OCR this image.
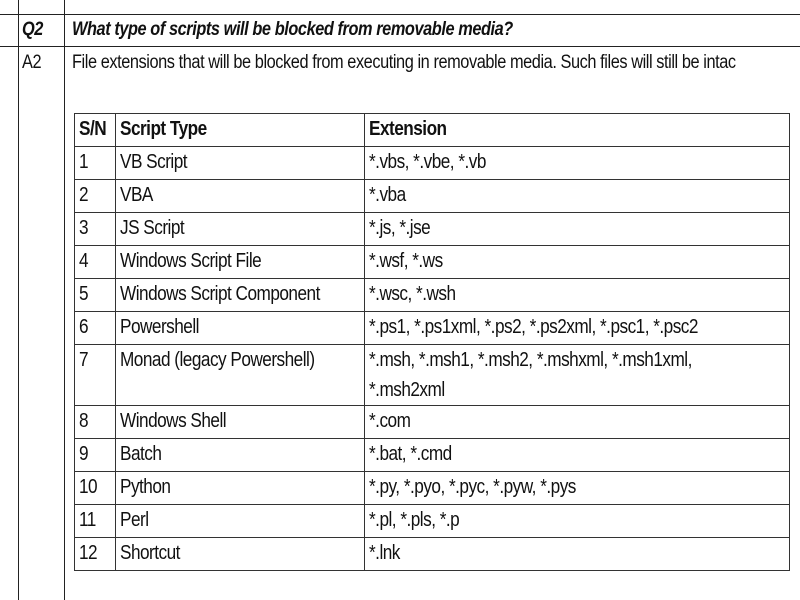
Q2 What type of scripts will be blocked from removable media?
A2 File extensions that will be blocked from executing in removable media. Such files will still be intac
S/N	Script Type	Extension
1	VB Script	*.vbs, *.vbe, *.vb
2	VBA	*.vba
3	JS Script	*.js, *.jse
4	Windows Script File	*.wsf, *.ws
5	Windows Script Component	*.wsc, *.wsh
6	Powershell	*.ps1, *.ps1xml, *.ps2, *.ps2xml, *.psc1, *.psc2
7	Monad (legacy Powershell)	*.msh, *.msh1, *.msh2, *.mshxml, *.msh1xml,
*.msh2xml
8	Windows Shell	*.com
9	Batch	*.bat, *.cmd
10	Python	*.py, *.pyo, *.pyc, *.pyw, *.pys
11	Perl	*.pl, *.pls, *.p
12	Shortcut	*.lnk
